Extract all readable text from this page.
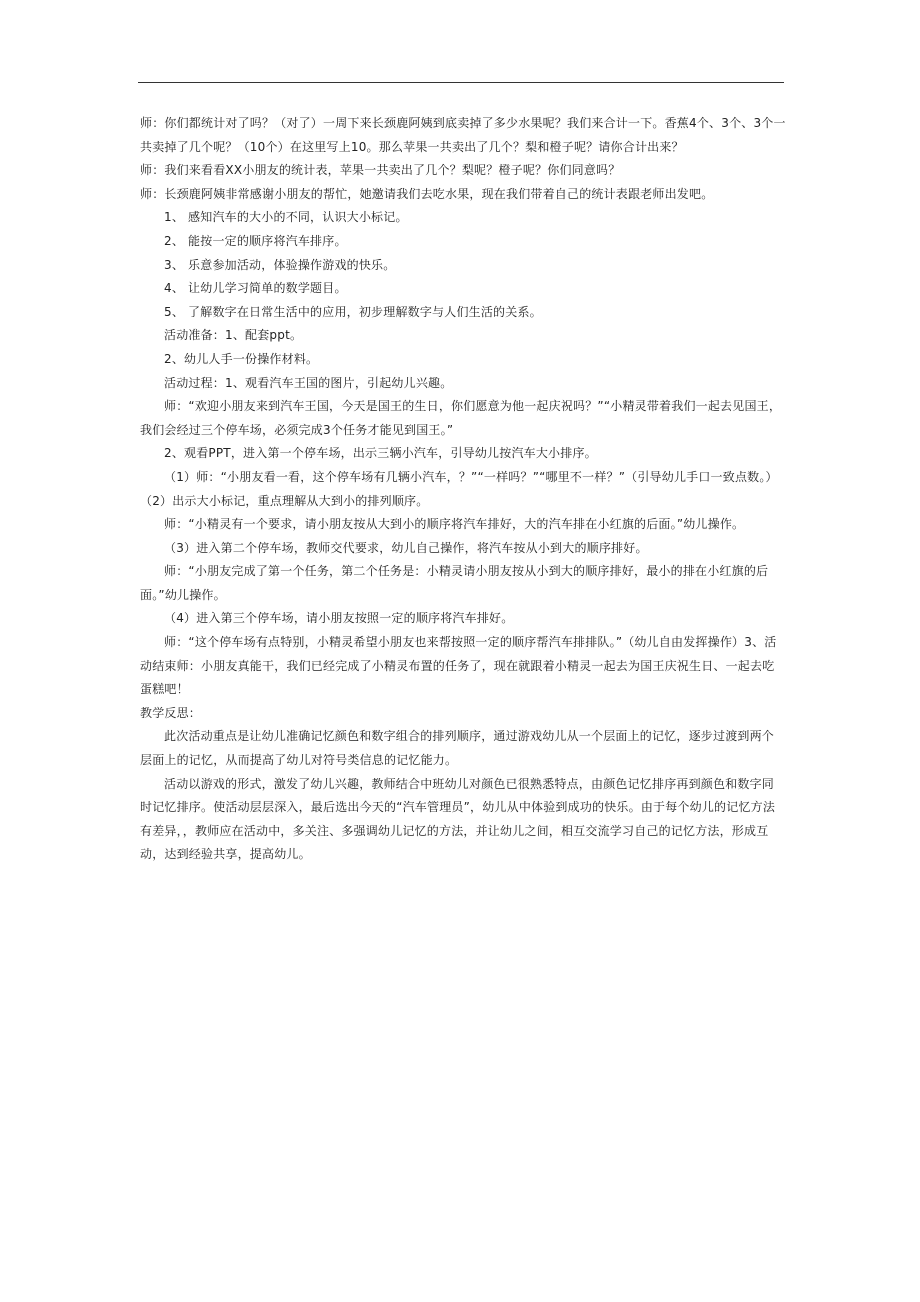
师：你们都统计对了吗？（对了）一周下来长颈鹿阿姨到底卖掉了多少水果呢？我们来合计一下。香蕉4个、3个、3个一共卖掉了几个呢？（10个）在这里写上10。那么苹果一共卖出了几个？梨和橙子呢？请你合计出来？

师：我们来看看XX小朋友的统计表，苹果一共卖出了几个？梨呢？橙子呢？你们同意吗？

师：长颈鹿阿姨非常感谢小朋友的帮忙，她邀请我们去吃水果，现在我们带着自己的统计表跟老师出发吧。

1、 感知汽车的大小的不同，认识大小标记。

2、 能按一定的顺序将汽车排序。

3、 乐意参加活动，体验操作游戏的快乐。

4、 让幼儿学习简单的数学题目。

5、 了解数字在日常生活中的应用，初步理解数字与人们生活的关系。

活动准备：1、配套ppt。

2、幼儿人手一份操作材料。

活动过程：1、观看汽车王国的图片，引起幼儿兴趣。

师：“欢迎小朋友来到汽车王国，今天是国王的生日，你们愿意为他一起庆祝吗？”“小精灵带着我们一起去见国王，我们会经过三个停车场，必须完成3个任务才能见到国王。”

2、观看PPT，进入第一个停车场，出示三辆小汽车，引导幼儿按汽车大小排序。

（1）师：“小朋友看一看，这个停车场有几辆小汽车，？”“一样吗？”“哪里不一样？”（引导幼儿手口一致点数。）（2）出示大小标记，重点理解从大到小的排列顺序。

师：“小精灵有一个要求，请小朋友按从大到小的顺序将汽车排好，大的汽车排在小红旗的后面。”幼儿操作。

（3）进入第二个停车场，教师交代要求，幼儿自己操作，将汽车按从小到大的顺序排好。

师：“小朋友完成了第一个任务，第二个任务是：小精灵请小朋友按从小到大的顺序排好，最小的排在小红旗的后面。”幼儿操作。

（4）进入第三个停车场，请小朋友按照一定的顺序将汽车排好。

师：“这个停车场有点特别，小精灵希望小朋友也来帮按照一定的顺序帮汽车排排队。”（幼儿自由发挥操作）3、活动结束师：小朋友真能干，我们已经完成了小精灵布置的任务了，现在就跟着小精灵一起去为国王庆祝生日、一起去吃蛋糕吧！

教学反思：

此次活动重点是让幼儿准确记忆颜色和数字组合的排列顺序，通过游戏幼儿从一个层面上的记忆，逐步过渡到两个层面上的记忆，从而提高了幼儿对符号类信息的记忆能力。

活动以游戏的形式，激发了幼儿兴趣，教师结合中班幼儿对颜色已很熟悉特点，由颜色记忆排序再到颜色和数字同时记忆排序。使活动层层深入，最后选出今天的“汽车管理员”，幼儿从中体验到成功的快乐。由于每个幼儿的记忆方法有差异，，教师应在活动中，多关注、多强调幼儿记忆的方法，并让幼儿之间，相互交流学习自己的记忆方法，形成互动，达到经验共享，提高幼儿。
